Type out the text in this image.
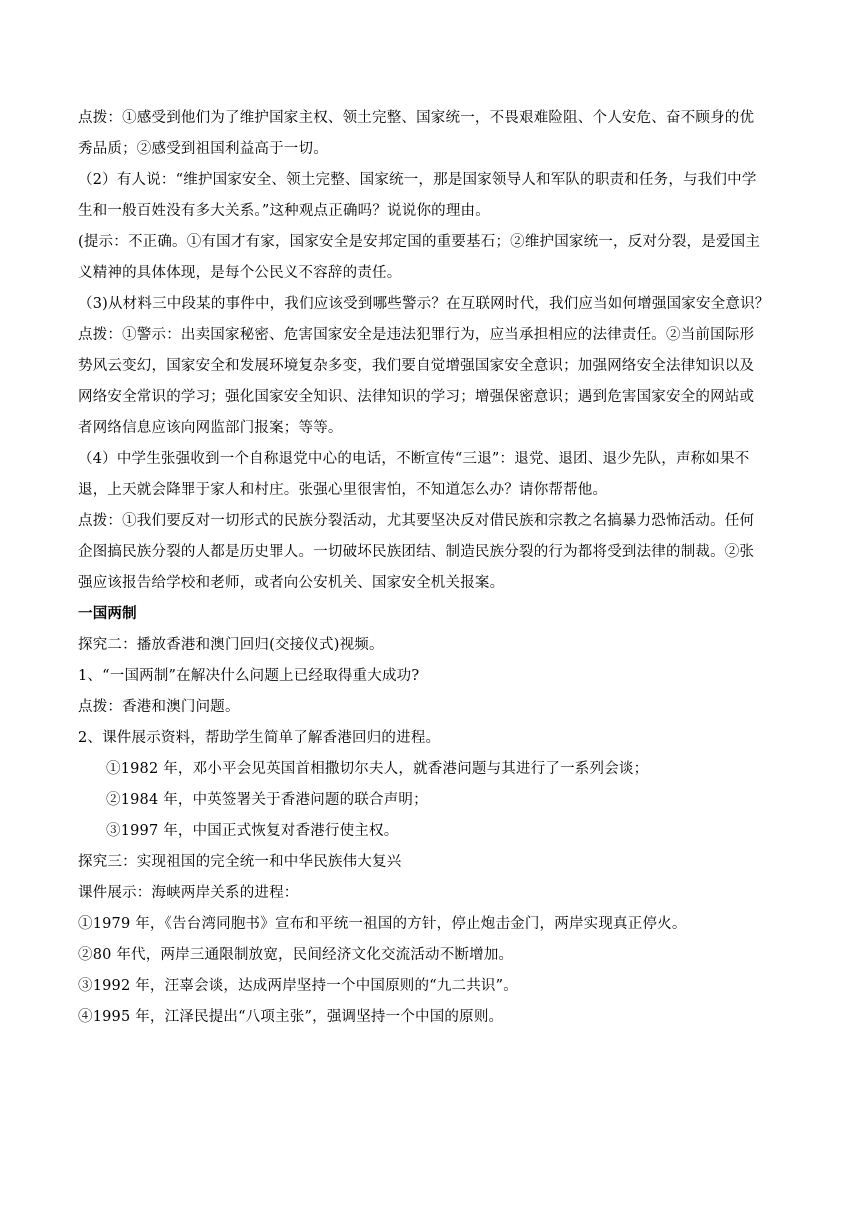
点拨：①感受到他们为了维护国家主权、领土完整、国家统一，不畏艰难险阻、个人安危、奋不顾身的优
秀品质；②感受到祖国利益高于一切。
（2）有人说：“维护国家安全、领土完整、国家统一，那是国家领导人和军队的职责和任务，与我们中学
生和一般百姓没有多大关系。”这种观点正确吗？说说你的理由。
(提示：不正确。①有国才有家，国家安全是安邦定国的重要基石；②维护国家统一，反对分裂，是爱国主
义精神的具体体现，是每个公民义不容辞的责任。
（3)从材料三中段某的事件中，我们应该受到哪些警示？在互联网时代，我们应当如何增强国家安全意识？
点拨：①警示：出卖国家秘密、危害国家安全是违法犯罪行为，应当承担相应的法律责任。②当前国际形
势风云变幻，国家安全和发展环境复杂多变，我们要自觉增强国家安全意识；加强网络安全法律知识以及
网络安全常识的学习；强化国家安全知识、法律知识的学习；增强保密意识；遇到危害国家安全的网站或
者网络信息应该向网监部门报案；等等。
（4）中学生张强收到一个自称退党中心的电话，不断宣传“三退”：退党、退团、退少先队，声称如果不
退，上天就会降罪于家人和村庄。张强心里很害怕，不知道怎么办？请你帮帮他。
点拨：①我们要反对一切形式的民族分裂活动，尤其要坚决反对借民族和宗教之名搞暴力恐怖活动。任何
企图搞民族分裂的人都是历史罪人。一切破坏民族团结、制造民族分裂的行为都将受到法律的制裁。②张
强应该报告给学校和老师，或者向公安机关、国家安全机关报案。
一国两制
探究二：播放香港和澳门回归(交接仪式)视频。
1、“一国两制”在解决什么问题上已经取得重大成功?
点拨：香港和澳门问题。
2、课件展示资料，帮助学生简单了解香港回归的进程。
①1982 年，邓小平会见英国首相撒切尔夫人，就香港问题与其进行了一系列会谈；
②1984 年，中英签署关于香港问题的联合声明；
③1997 年，中国正式恢复对香港行使主权。
探究三：实现祖国的完全统一和中华民族伟大复兴
课件展示：海峡两岸关系的进程：
①1979 年，《告台湾同胞书》宣布和平统一祖国的方针，停止炮击金门，两岸实现真正停火。
②80 年代，两岸三通限制放宽，民间经济文化交流活动不断增加。
③1992 年，汪辜会谈，达成两岸坚持一个中国原则的“九二共识”。
④1995 年，江泽民提出“八项主张”，强调坚持一个中国的原则。
